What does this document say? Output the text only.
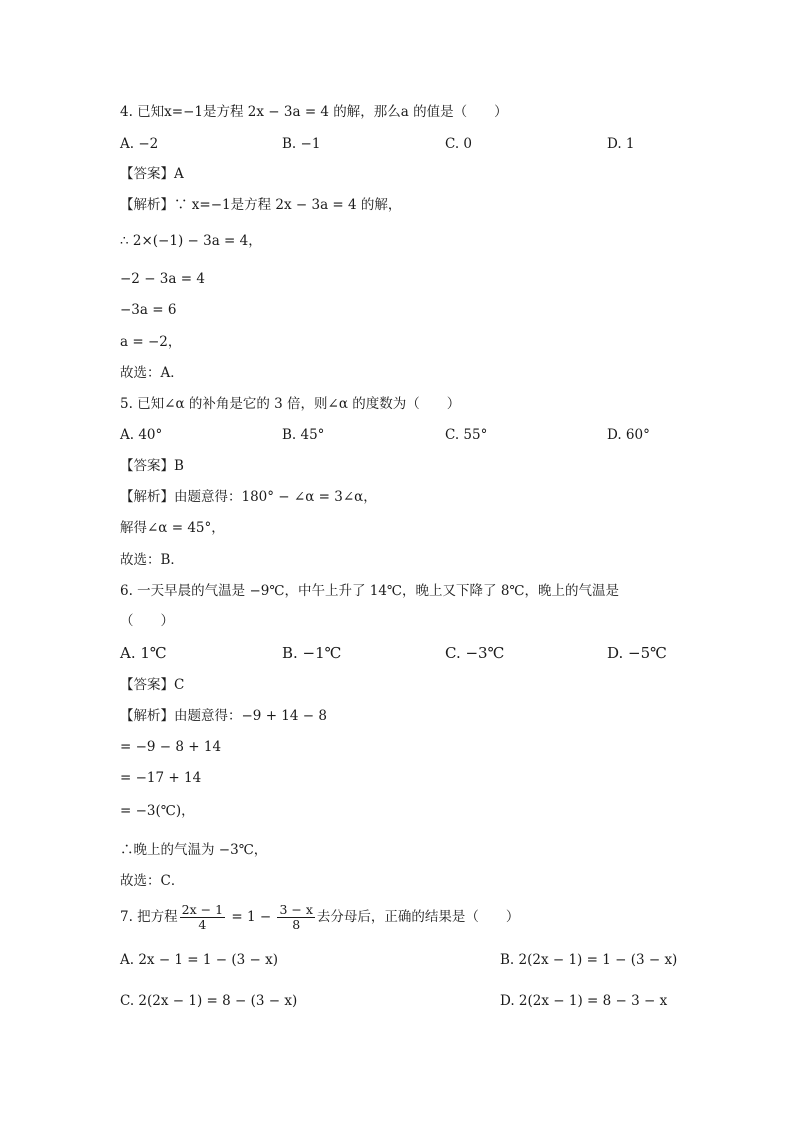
4. 已知x=−1是方程 2x − 3a = 4 的解，那么a 的值是（　　）
A. −2	B. −1	C. 0	D. 1
【答案】A
【解析】∵ x=−1是方程 2x − 3a = 4 的解，
∴ 2×(−1) − 3a = 4，
−2 − 3a = 4
−3a = 6
a = −2，
故选：A．
5. 已知∠α 的补角是它的 3 倍，则∠α 的度数为（　　）
A. 40°	B. 45°	C. 55°	D. 60°
【答案】B
【解析】由题意得：180° − ∠α = 3∠α，
解得∠α = 45°，
故选：B．
6. 一天早晨的气温是 −9℃，中午上升了 14℃，晚上又下降了 8℃，晚上的气温是
（　　）
A. 1℃	B. −1℃	C. −3℃	D. −5℃
【答案】C
【解析】由题意得：−9 + 14 − 8
= −9 − 8 + 14
= −17 + 14
= −3(℃)，
∴晚上的气温为 −3℃，
故选：C．
7. 把方程 $\frac{2x - 1}{4} = 1 - \frac{3 - x}{8}$ 去分母后，正确的结果是（　　）
A. 2x − 1 = 1 − (3 − x)	B. 2(2x − 1) = 1 − (3 − x)
C. 2(2x − 1) = 8 − (3 − x)	D. 2(2x − 1) = 8 − 3 − x
